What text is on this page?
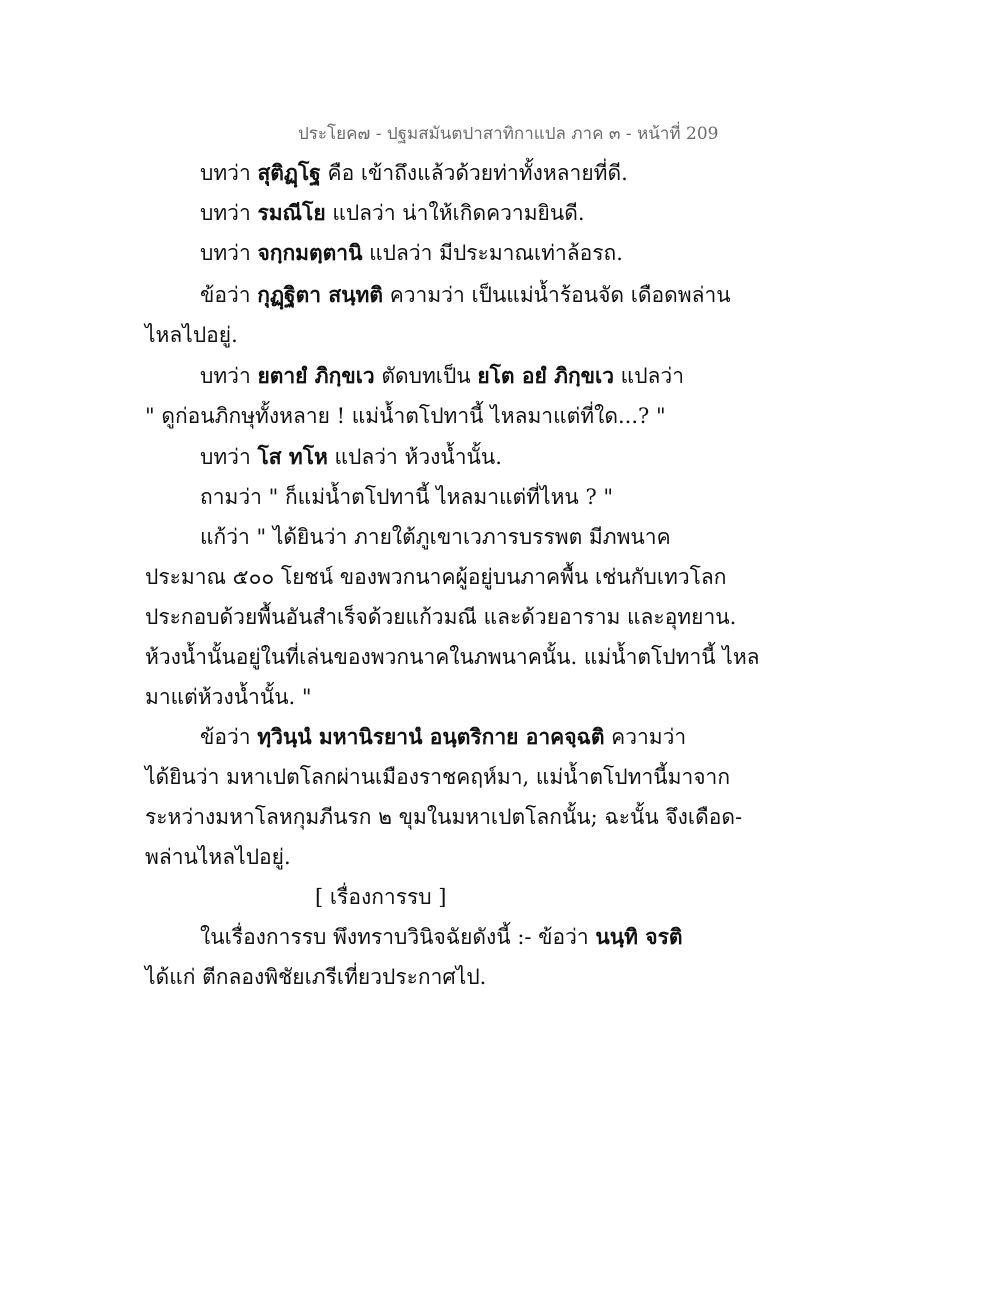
ประโยค๗ - ปฐมสมันตปาสาทิกาแปล ภาค ๓ - หน้าที่ 209
บทว่า สุติฏฺโฐ คือ เข้าถึงแล้วด้วยท่าทั้งหลายที่ดี.
บทว่า รมณีโย แปลว่า น่าให้เกิดความยินดี.
บทว่า จกฺกมตฺตานิ แปลว่า มีประมาณเท่าล้อรถ.
ข้อว่า กุฏฺฐิตา สนฺทติ ความว่า เป็นแม่น้ำร้อนจัด เดือดพล่าน
ไหลไปอยู่.
บทว่า ยตายํ ภิกฺขเว ตัดบทเป็น ยโต อยํ ภิกฺขเว แปลว่า
" ดูก่อนภิกษุทั้งหลาย ! แม่น้ำตโปทานี้ ไหลมาแต่ที่ใด...? "
บทว่า โส ทโห แปลว่า ห้วงน้ำนั้น.
ถามว่า " ก็แม่น้ำตโปทานี้ ไหลมาแต่ที่ไหน ? "
แก้ว่า " ได้ยินว่า ภายใต้ภูเขาเวภารบรรพต มีภพนาค
ประมาณ ๕๐๐ โยชน์ ของพวกนาคผู้อยู่บนภาคพื้น เช่นกับเทวโลก
ประกอบด้วยพื้นอันสำเร็จด้วยแก้วมณี และด้วยอาราม และอุทยาน.
ห้วงน้ำนั้นอยู่ในที่เล่นของพวกนาคในภพนาคนั้น. แม่น้ำตโปทานี้ ไหล
มาแต่ห้วงน้ำนั้น. "
ข้อว่า ทฺวินฺนํ มหานิรยานํ อนฺตริกาย อาคจฺฉติ ความว่า
ได้ยินว่า มหาเปตโลกผ่านเมืองราชคฤห์มา, แม่น้ำตโปทานี้มาจาก
ระหว่างมหาโลหกุมภีนรก ๒ ขุมในมหาเปตโลกนั้น; ฉะนั้น จึงเดือด-
พล่านไหลไปอยู่.
[ เรื่องการรบ ]
ในเรื่องการรบ พึงทราบวินิจฉัยดังนี้ :- ข้อว่า นนฺทิ จรติ
ได้แก่ ตีกลองพิชัยเภรีเที่ยวประกาศไป.
